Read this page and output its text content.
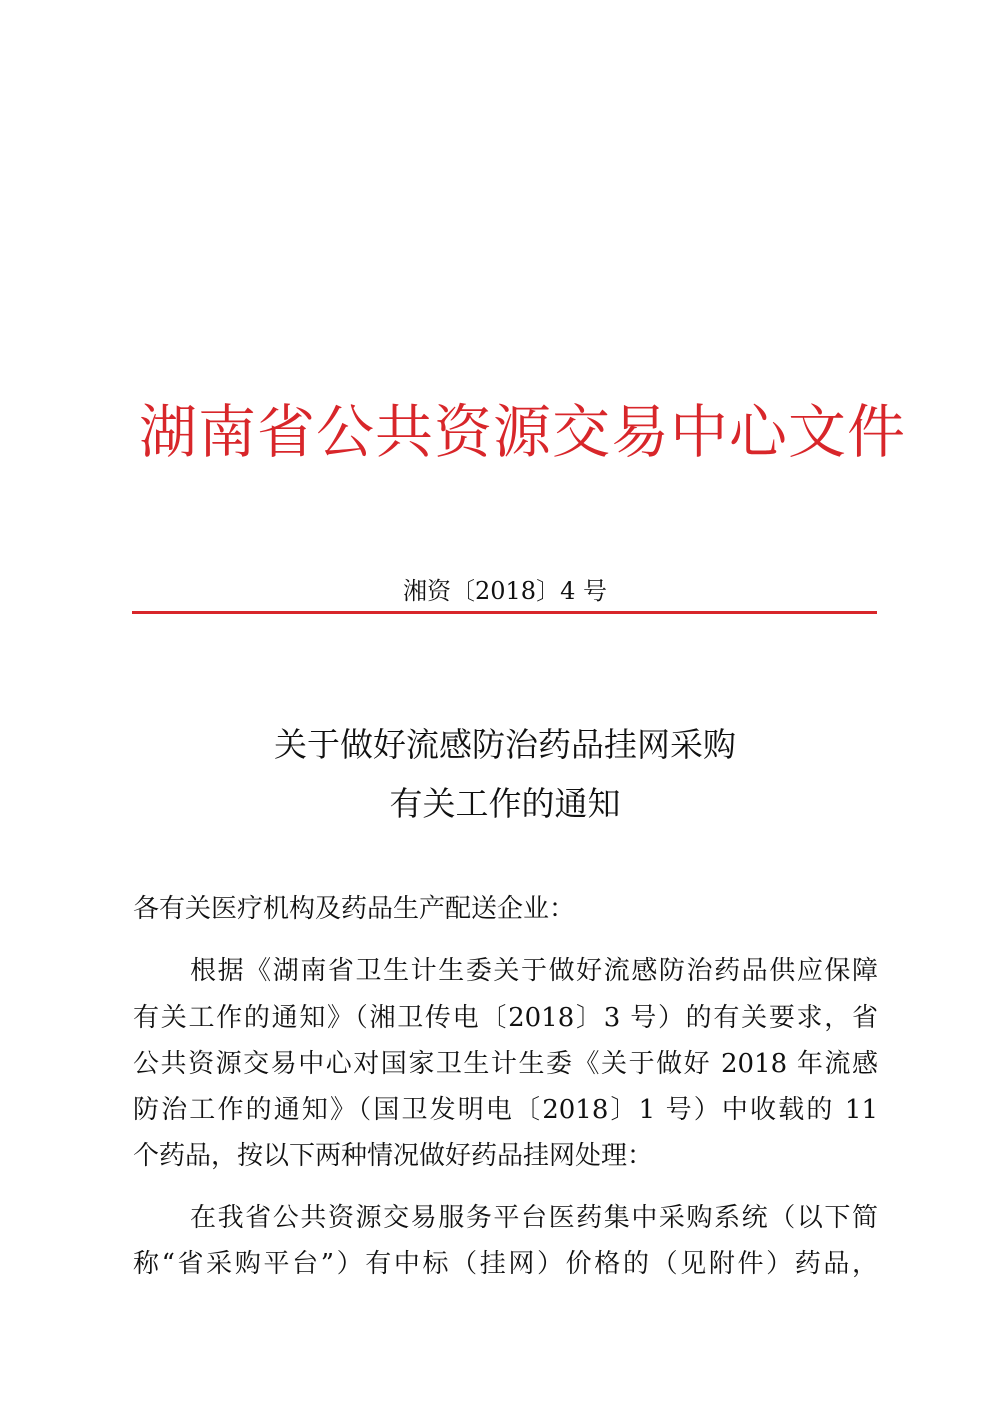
湖南省公共资源交易中心文件
湘资〔2018〕4 号
关于做好流感防治药品挂网采购
有关工作的通知
各有关医疗机构及药品生产配送企业：
根据《湖南省卫生计生委关于做好流感防治药品供应保障
有关工作的通知》（湘卫传电〔2018〕3 号）的有关要求，省
公共资源交易中心对国家卫生计生委《关于做好 2018 年流感
防治工作的通知》（国卫发明电〔2018〕1 号）中收载的 11
个药品，按以下两种情况做好药品挂网处理：
在我省公共资源交易服务平台医药集中采购系统（以下简
称“省采购平台”）有中标（挂网）价格的（见附件）药品，
